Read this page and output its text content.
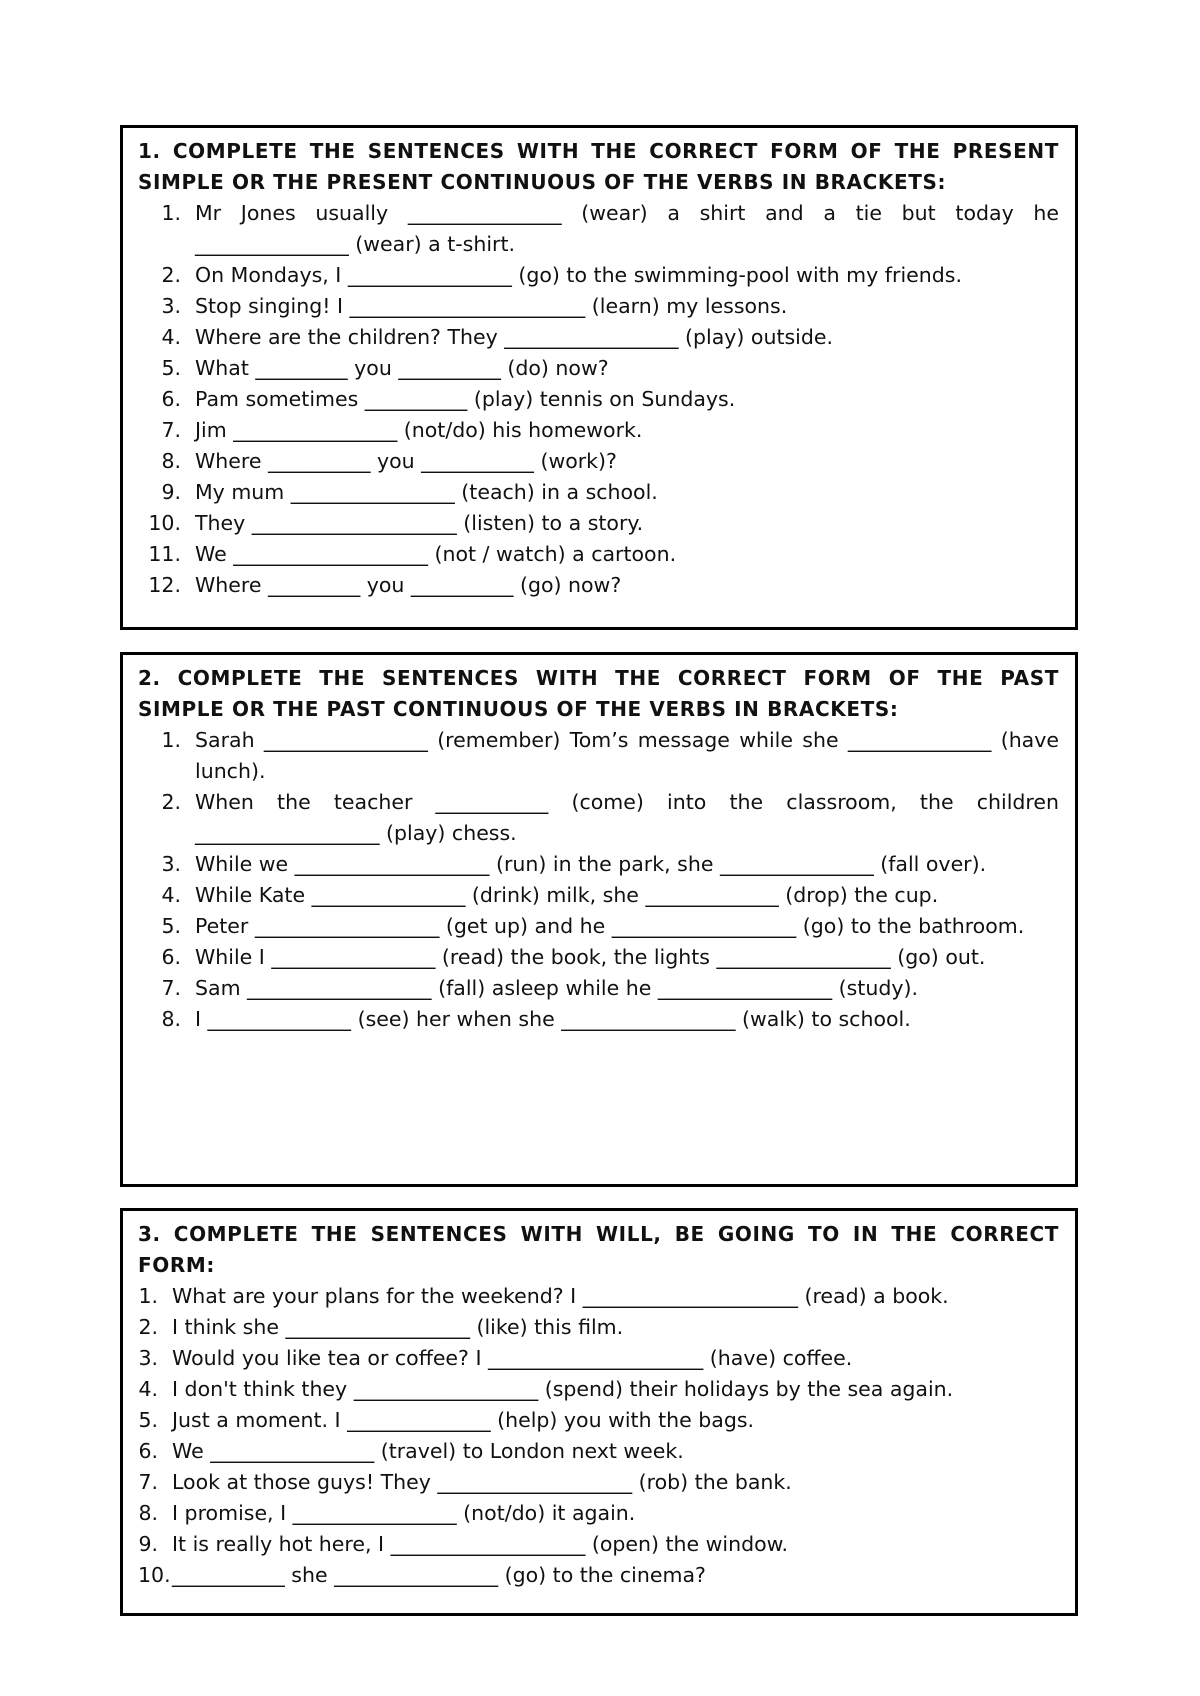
1. COMPLETE THE SENTENCES WITH THE CORRECT FORM OF THE PRESENT SIMPLE OR THE PRESENT CONTINUOUS OF THE VERBS IN BRACKETS:
1. Mr Jones usually _______________ (wear) a shirt and a tie but today he _______________ (wear) a t-shirt.
2. On Mondays, I ________________ (go) to the swimming-pool with my friends.
3. Stop singing! I _______________________ (learn) my lessons.
4. Where are the children? They _________________ (play) outside.
5. What _________ you __________ (do) now?
6. Pam sometimes __________ (play) tennis on Sundays.
7. Jim ________________ (not/do) his homework.
8. Where __________ you ___________ (work)?
9. My mum ________________ (teach) in a school.
10. They ____________________ (listen) to a story.
11. We ___________________ (not / watch) a cartoon.
12. Where _________ you __________ (go) now?
2. COMPLETE THE SENTENCES WITH THE CORRECT FORM OF THE PAST SIMPLE OR THE PAST CONTINUOUS OF THE VERBS IN BRACKETS:
1. Sarah ________________ (remember) Tom’s message while she ______________ (have lunch).
2. When the teacher ___________ (come) into the classroom, the children __________________ (play) chess.
3. While we ___________________ (run) in the park, she _______________ (fall over).
4. While Kate _______________ (drink) milk, she _____________ (drop) the cup.
5. Peter __________________ (get up) and he __________________ (go) to the bathroom.
6. While I ________________ (read) the book, the lights _________________ (go) out.
7. Sam __________________ (fall) asleep while he _________________ (study).
8. I ______________ (see) her when she _________________ (walk) to school.
3. COMPLETE THE SENTENCES WITH WILL, BE GOING TO IN THE CORRECT FORM:
1. What are your plans for the weekend? I _____________________ (read) a book.
2. I think she __________________ (like) this film.
3. Would you like tea or coffee? I _____________________ (have) coffee.
4. I don't think they __________________ (spend) their holidays by the sea again.
5. Just a moment. I ______________ (help) you with the bags.
6. We ________________ (travel) to London next week.
7. Look at those guys! They ___________________ (rob) the bank.
8. I promise, I ________________ (not/do) it again.
9. It is really hot here, I ___________________ (open) the window.
10. ___________ she ________________ (go) to the cinema?
